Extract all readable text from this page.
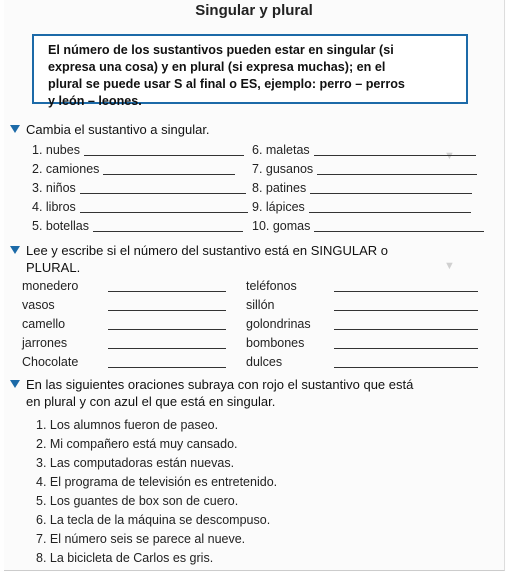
▼
▼
Singular y plural
El número de los sustantivos pueden estar en singular (si
expresa una cosa) y en plural (si expresa muchas); en el
plural se puede usar S al final o ES, ejemplo: perro – perros
y león – leones.
Cambia el sustantivo a singular.
1. nubes
2. camiones
3. niños
4. libros
5. botellas
6. maletas
7. gusanos
8. patines
9. lápices
10. gomas
Lee y escribe si el número del sustantivo está en SINGULAR o
PLURAL.
monedero
vasos
camello
jarrones
Chocolate
teléfonos
sillón
golondrinas
bombones
dulces
En las siguientes oraciones subraya con rojo el sustantivo que está
en plural y con azul el que está en singular.
1. Los alumnos fueron de paseo.
2. Mi compañero está muy cansado.
3. Las computadoras están nuevas.
4. El programa de televisión es entretenido.
5. Los guantes de box son de cuero.
6. La tecla de la máquina se descompuso.
7. El número seis se parece al nueve.
8. La bicicleta de Carlos es gris.
